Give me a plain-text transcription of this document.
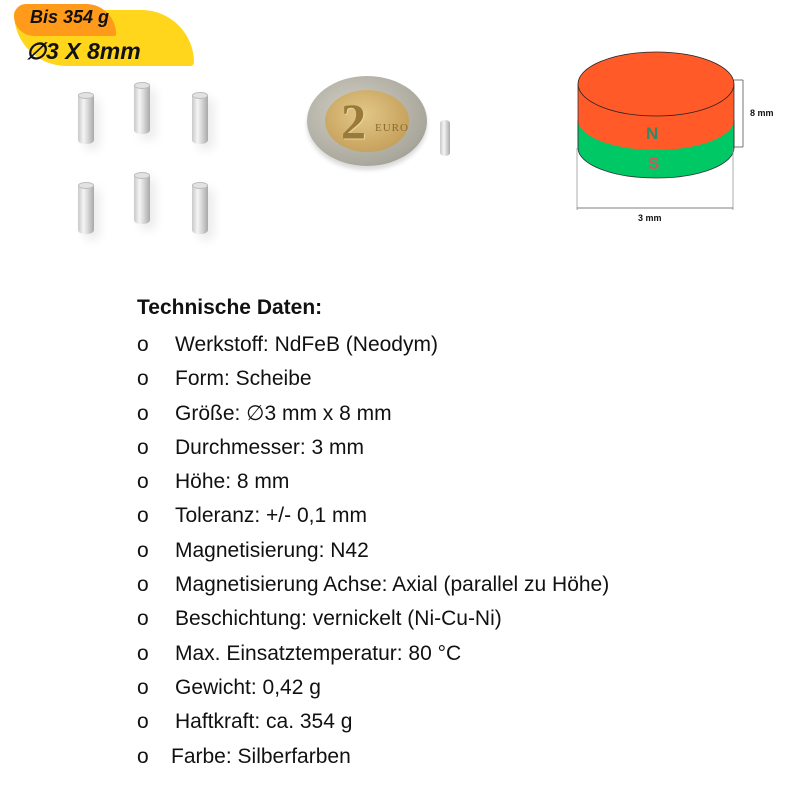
Bis 354 g
∅3 X 8mm
2 EURO	N
S
8 mm
3 mm
Technische Daten:
o Werkstoff: NdFeB (Neodym)
o Form: Scheibe
o Größe: ∅3 mm x 8 mm
o Durchmesser: 3 mm
o Höhe: 8 mm
o Toleranz: +/- 0,1 mm
o Magnetisierung: N42
o Magnetisierung Achse: Axial (parallel zu Höhe)
o Beschichtung: vernickelt (Ni-Cu-Ni)
o Max. Einsatztemperatur: 80 °C
o Gewicht: 0,42 g
o Haftkraft: ca. 354 g
o Farbe: Silberfarben
